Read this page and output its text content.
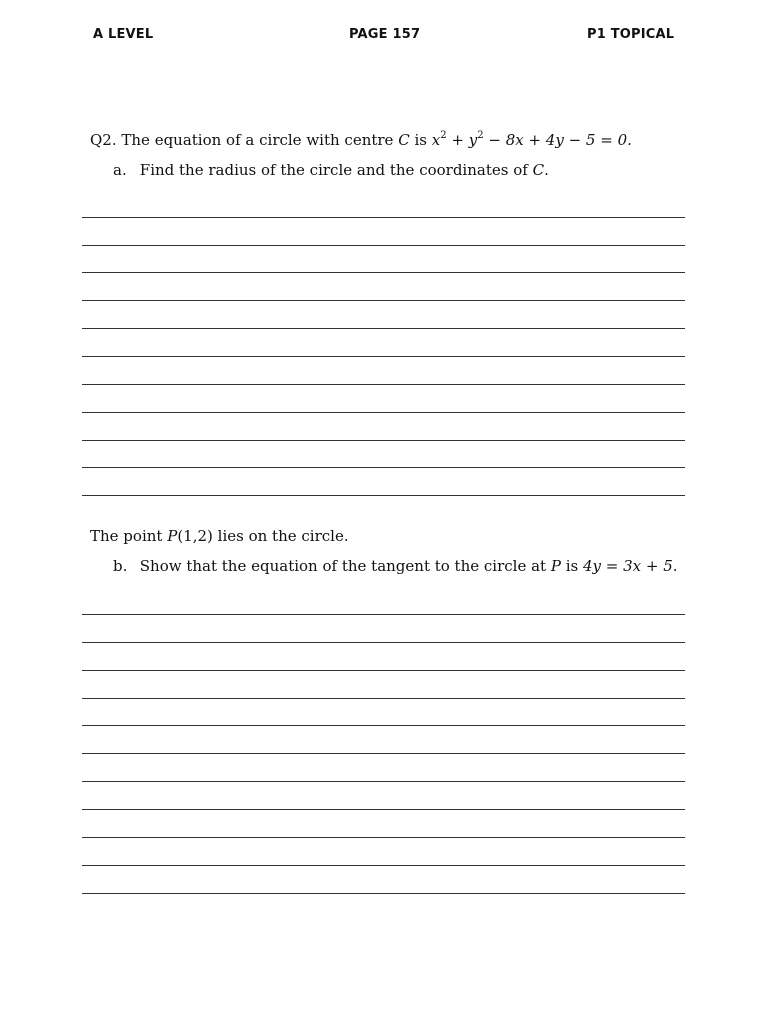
A LEVEL	PAGE 157	P1 TOPICAL
Q2. The equation of a circle with centre C is $x^2 + y^2 - 8x + 4y - 5 = 0$.
a. Find the radius of the circle and the coordinates of C.
The point P(1,2) lies on the circle.
b. Show that the equation of the tangent to the circle at P is 4y = 3x + 5.
